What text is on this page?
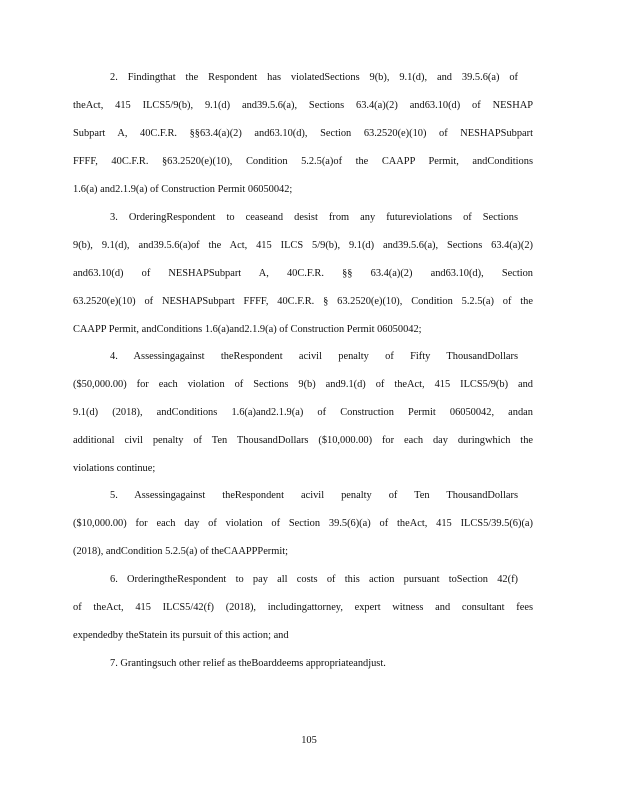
2. Findingthat the Respondent has violatedSections 9(b), 9.1(d), and 39.5.6(a) of
theAct, 415 ILCS5/9(b), 9.1(d) and39.5.6(a), Sections 63.4(a)(2) and63.10(d) of NESHAP
Subpart A, 40C.F.R. §§63.4(a)(2) and63.10(d), Section 63.2520(e)(10) of NESHAPSubpart
FFFF, 40C.F.R. §63.2520(e)(10), Condition 5.2.5(a)of the CAAPP Permit, andConditions
1.6(a) and2.1.9(a) of Construction Permit 06050042;
3. OrderingRespondent to ceaseand desist from any futureviolations of Sections
9(b), 9.1(d), and39.5.6(a)of the Act, 415 ILCS 5/9(b), 9.1(d) and39.5.6(a), Sections 63.4(a)(2)
and63.10(d) of NESHAPSubpart A, 40C.F.R. §§ 63.4(a)(2) and63.10(d), Section
63.2520(e)(10) of NESHAPSubpart FFFF, 40C.F.R. § 63.2520(e)(10), Condition 5.2.5(a) of the
CAAPP Permit, andConditions 1.6(a)and2.1.9(a) of Construction Permit 06050042;
4. Assessingagainst theRespondent acivil penalty of Fifty ThousandDollars
($50,000.00) for each violation of Sections 9(b) and9.1(d) of theAct, 415 ILCS5/9(b) and
9.1(d) (2018), andConditions 1.6(a)and2.1.9(a) of Construction Permit 06050042, andan
additional civil penalty of Ten ThousandDollars ($10,000.00) for each day duringwhich the
violations continue;
5. Assessingagainst theRespondent acivil penalty of Ten ThousandDollars
($10,000.00) for each day of violation of Section 39.5(6)(a) of theAct, 415 ILCS5/39.5(6)(a)
(2018), andCondition 5.2.5(a) of theCAAPPPermit;
6. OrderingtheRespondent to pay all costs of this action pursuant toSection 42(f)
of theAct, 415 ILCS5/42(f) (2018), includingattorney, expert witness and consultant fees
expendedby theStatein its pursuit of this action; and
7. Grantingsuch other relief as theBoarddeems appropriateandjust.
105
